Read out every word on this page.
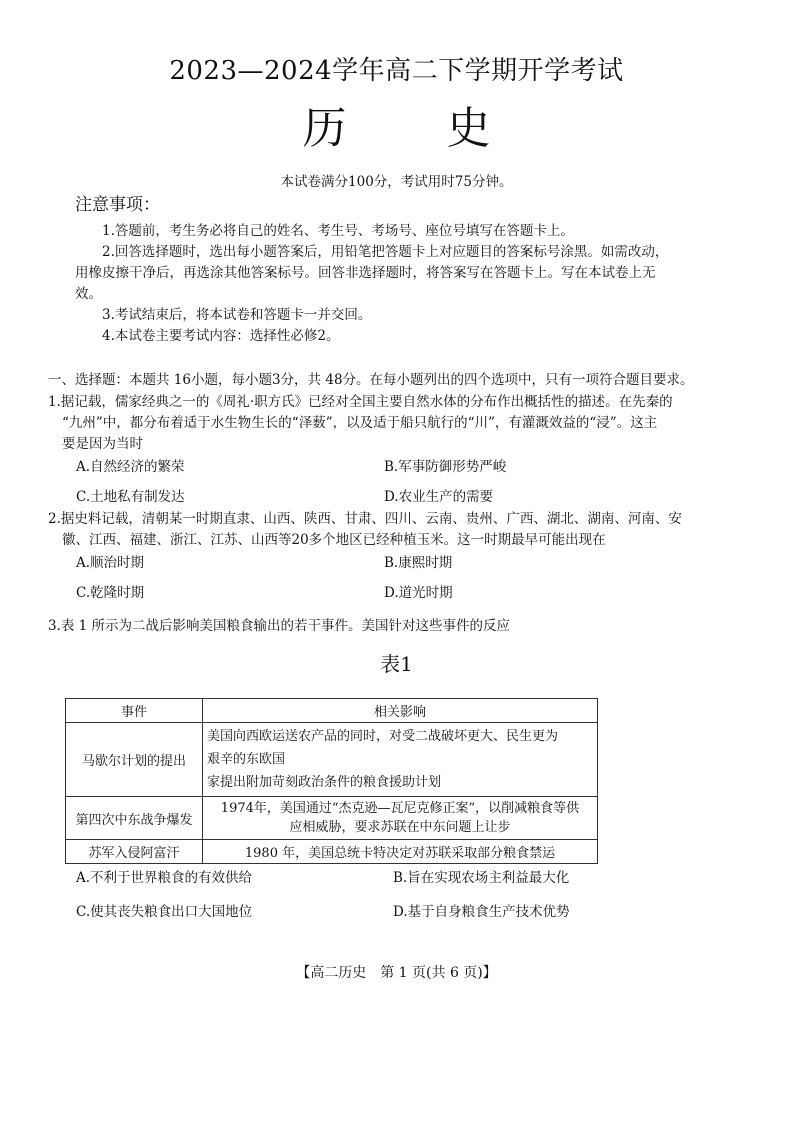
2023—2024学年高二下学期开学考试
历 史
本试卷满分100分，考试用时75分钟。
注意事项：
1.答题前，考生务必将自己的姓名、考生号、考场号、座位号填写在答题卡上。
2.回答选择题时，选出每小题答案后，用铅笔把答题卡上对应题目的答案标号涂黑。如需改动，
用橡皮擦干净后，再选涂其他答案标号。回答非选择题时，将答案写在答题卡上。写在本试卷上无
效。
3.考试结束后，将本试卷和答题卡一并交回。
4.本试卷主要考试内容：选择性必修2。
一、选择题：本题共 16小题，每小题3分，共 48分。在每小题列出的四个选项中，只有一项符合题目要求。
1.据记载，儒家经典之一的《周礼·职方氏》已经对全国主要自然水体的分布作出概括性的描述。在先秦的
“九州”中，都分布着适于水生物生长的“泽薮”，以及适于船只航行的“川”，有灌溉效益的“浸”。这主
要是因为当时
A.自然经济的繁荣	B.军事防御形势严峻
C.土地私有制发达	D.农业生产的需要
2.据史料记载，清朝某一时期直隶、山西、陕西、甘肃、四川、云南、贵州、广西、湖北、湖南、河南、安
徽、江西、福建、浙江、江苏、山西等20多个地区已经种植玉米。这一时期最早可能出现在
A.顺治时期	B.康熙时期
C.乾隆时期	D.道光时期
3.表 1 所示为二战后影响美国粮食输出的若干事件。美国针对这些事件的反应
表1
事件	相关影响
马歇尔计划的提出	美国向西欧运送农产品的同时，对受二战破坏更大、民生更为
艰辛的东欧国
家提出附加苛刻政治条件的粮食援助计划

第四次中东战争爆发	1974年，美国通过“杰克逊—瓦尼克修正案”，以削减粮食等供
应相威胁，要求苏联在中东问题上让步

苏军入侵阿富汗	1980 年，美国总统卡特决定对苏联采取部分粮食禁运
A.不利于世界粮食的有效供给	B.旨在实现农场主利益最大化
C.使其丧失粮食出口大国地位	D.基于自身粮食生产技术优势
【高二历史　第 1 页(共 6 页)】
